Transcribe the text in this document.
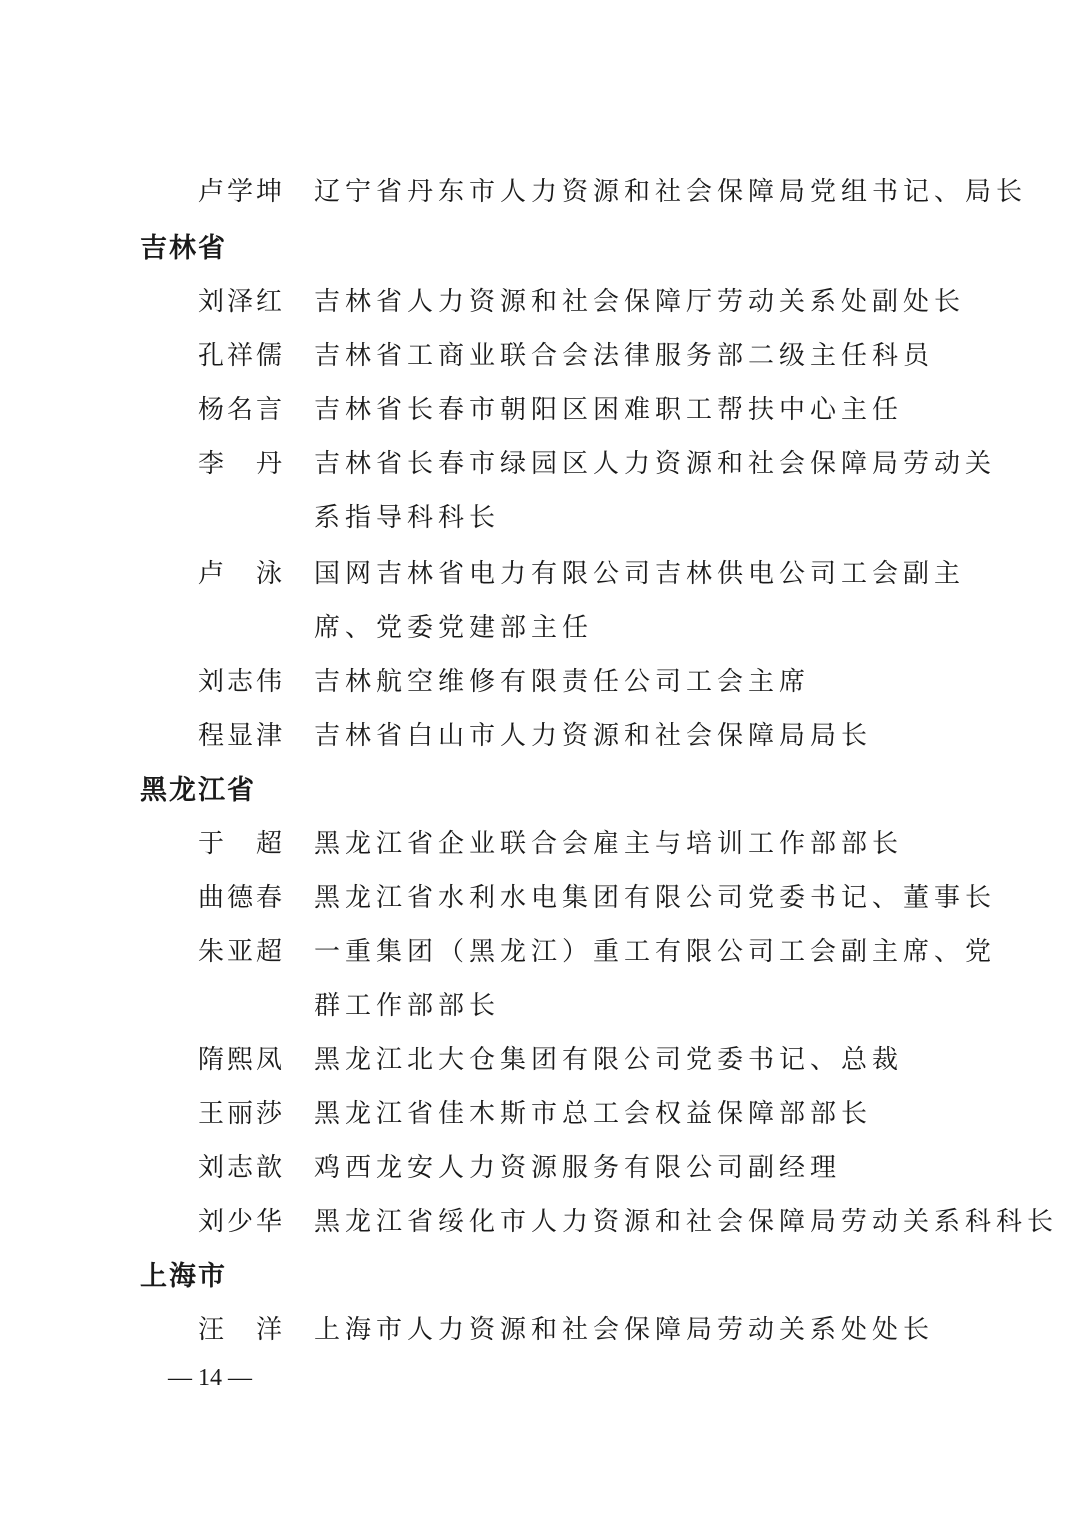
卢学坤 辽宁省丹东市人力资源和社会保障局党组书记、局长
吉林省
刘泽红 吉林省人力资源和社会保障厅劳动关系处副处长
孔祥儒 吉林省工商业联合会法律服务部二级主任科员
杨名言 吉林省长春市朝阳区困难职工帮扶中心主任
李 丹 吉林省长春市绿园区人力资源和社会保障局劳动关
系指导科科长
卢 泳 国网吉林省电力有限公司吉林供电公司工会副主
席、党委党建部主任
刘志伟 吉林航空维修有限责任公司工会主席
程显津 吉林省白山市人力资源和社会保障局局长
黑龙江省
于 超 黑龙江省企业联合会雇主与培训工作部部长
曲德春 黑龙江省水利水电集团有限公司党委书记、董事长
朱亚超 一重集团（黑龙江）重工有限公司工会副主席、党
群工作部部长
隋熙凤 黑龙江北大仓集团有限公司党委书记、总裁
王丽莎 黑龙江省佳木斯市总工会权益保障部部长
刘志歆 鸡西龙安人力资源服务有限公司副经理
刘少华 黑龙江省绥化市人力资源和社会保障局劳动关系科科长
上海市
汪 洋 上海市人力资源和社会保障局劳动关系处处长
— 14 —
